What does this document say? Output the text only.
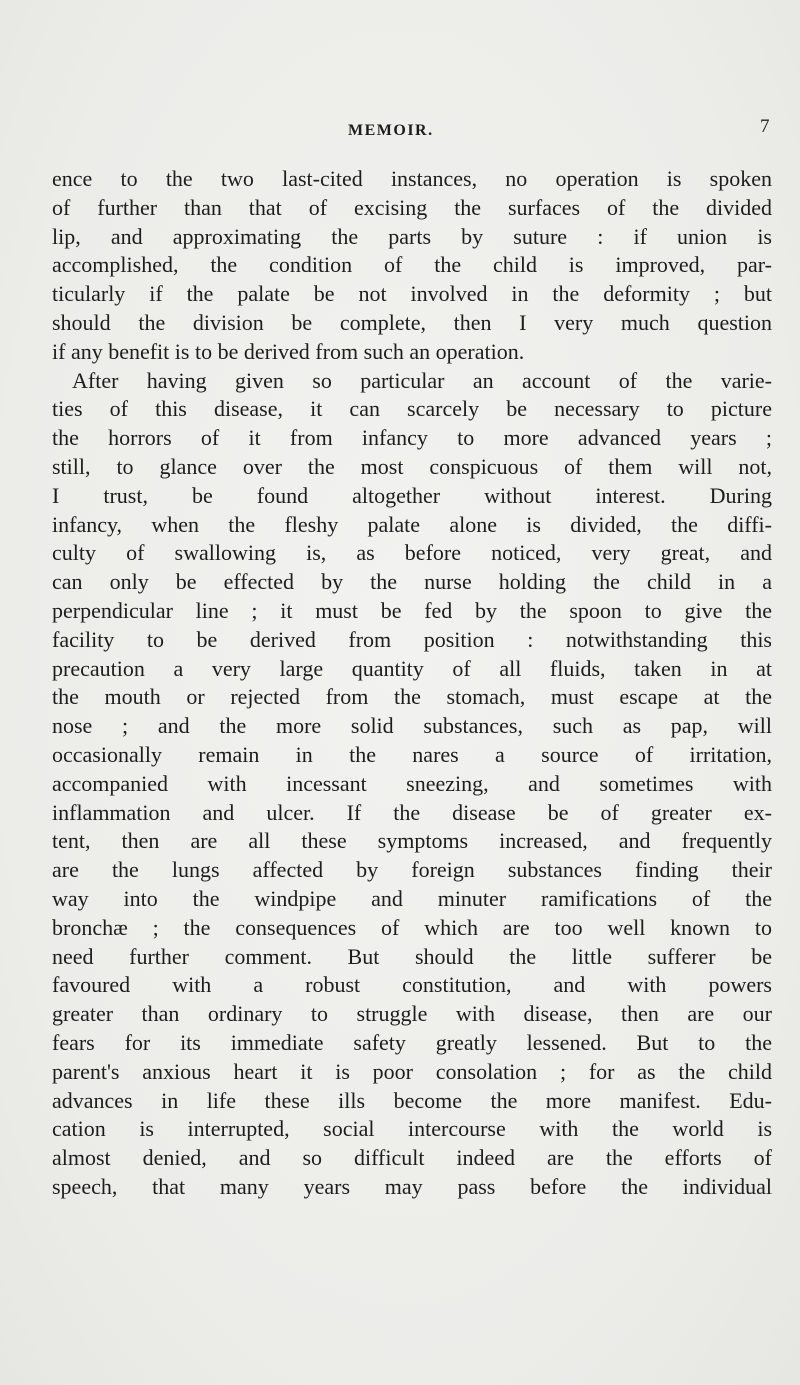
MEMOIR.	7
ence to the two last-cited instances, no operation is spoken
of further than that of excising the surfaces of the divided
lip, and approximating the parts by suture : if union is
accomplished, the condition of the child is improved, par-
ticularly if the palate be not involved in the deformity ; but
should the division be complete, then I very much question
if any benefit is to be derived from such an operation.
After having given so particular an account of the varie-
ties of this disease, it can scarcely be necessary to picture
the horrors of it from infancy to more advanced years ;
still, to glance over the most conspicuous of them will not,
I trust, be found altogether without interest. During
infancy, when the fleshy palate alone is divided, the diffi-
culty of swallowing is, as before noticed, very great, and
can only be effected by the nurse holding the child in a
perpendicular line ; it must be fed by the spoon to give the
facility to be derived from position : notwithstanding this
precaution a very large quantity of all fluids, taken in at
the mouth or rejected from the stomach, must escape at the
nose ; and the more solid substances, such as pap, will
occasionally remain in the nares a source of irritation,
accompanied with incessant sneezing, and sometimes with
inflammation and ulcer. If the disease be of greater ex-
tent, then are all these symptoms increased, and frequently
are the lungs affected by foreign substances finding their
way into the windpipe and minuter ramifications of the
bronchæ ; the consequences of which are too well known to
need further comment. But should the little sufferer be
favoured with a robust constitution, and with powers
greater than ordinary to struggle with disease, then are our
fears for its immediate safety greatly lessened. But to the
parent's anxious heart it is poor consolation ; for as the child
advances in life these ills become the more manifest. Edu-
cation is interrupted, social intercourse with the world is
almost denied, and so difficult indeed are the efforts of
speech, that many years may pass before the individual
